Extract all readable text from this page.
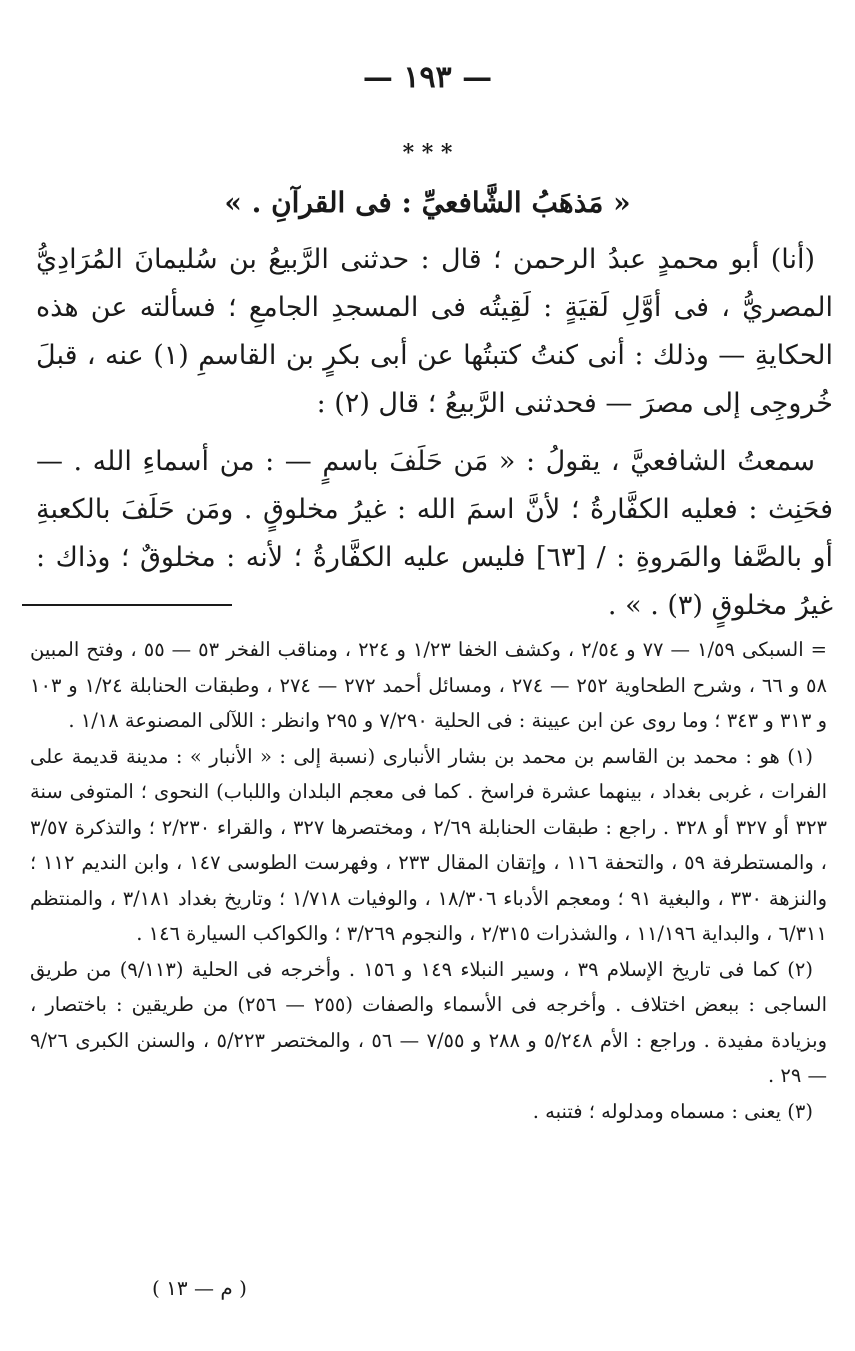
— ١٩٣ —
* * *
« مَذهَبُ الشَّافعيِّ : فى القرآنِ . »

(أنا) أبو محمدٍ عبدُ الرحمن ؛ قال : حدثنى الرَّبيعُ بن سُليمانَ المُرَادِيُّ المصريُّ ، فى أوَّلِ لَقيَةٍ : لَقِيتُه فى المسجدِ الجامعِ ؛ فسألته عن هذه الحكايةِ — وذلك : أنى كنتُ كتبتُها عن أبى بكرٍ بن القاسمِ (١) عنه ، قبلَ خُروجِى إلى مصرَ — فحدثنى الرَّبيعُ ؛ قال (٢) :

سمعتُ الشافعيَّ ، يقولُ : « مَن حَلَفَ باسمٍ — : من أسماءِ الله . — فحَنِث : فعليه الكفَّارةُ ؛ لأنَّ اسمَ الله : غيرُ مخلوقٍ . ومَن حَلَفَ بالكعبةِ أو بالصَّفا والمَروةِ : / [٦٣] فليس عليه الكفَّارةُ ؛ لأنه : مخلوقٌ ؛ وذاك : غيرُ مخلوقٍ (٣) . » .

= السبكى ١/٥٩ — ٧٧ و ٢/٥٤ ، وكشف الخفا ١/٢٣ و ٢٢٤ ، ومناقب الفخر ٥٣ — ٥٥ ، وفتح المبين ٥٨ و ٦٦ ، وشرح الطحاوية ٢٥٢ — ٢٧٤ ، ومسائل أحمد ٢٧٢ — ٢٧٤ ، وطبقات الحنابلة ١/٢٤ و ١٠٣ و ٣١٣ و ٣٤٣ ؛ وما روى عن ابن عيينة : فى الحلية ٧/٢٩٠ و ٢٩٥ وانظر : اللآلى المصنوعة ١/١٨ .

(١) هو : محمد بن القاسم بن محمد بن بشار الأنبارى (نسبة إلى : « الأنبار » : مدينة قديمة على الفرات ، غربى بغداد ، بينهما عشرة فراسخ . كما فى معجم البلدان واللباب) النحوى ؛ المتوفى سنة ٣٢٣ أو ٣٢٧ أو ٣٢٨ . راجع : طبقات الحنابلة ٢/٦٩ ، ومختصرها ٣٢٧ ، والقراء ٢/٢٣٠ ؛ والتذكرة ٣/٥٧ ، والمستطرفة ٥٩ ، والتحفة ١١٦ ، وإتقان المقال ٢٣٣ ، وفهرست الطوسى ١٤٧ ، وابن النديم ١١٢ ؛ والنزهة ٣٣٠ ، والبغية ٩١ ؛ ومعجم الأدباء ١٨/٣٠٦ ، والوفيات ١/٧١٨ ؛ وتاريخ بغداد ٣/١٨١ ، والمنتظم ٦/٣١١ ، والبداية ١١/١٩٦ ، والشذرات ٢/٣١٥ ، والنجوم ٣/٢٦٩ ؛ والكواكب السيارة ١٤٦ .

(٢) كما فى تاريخ الإسلام ٣٩ ، وسير النبلاء ١٤٩ و ١٥٦ . وأخرجه فى الحلية (٩/١١٣) من طريق الساجى : ببعض اختلاف . وأخرجه فى الأسماء والصفات (٢٥٥ — ٢٥٦) من طريقين : باختصار ، وبزيادة مفيدة . وراجع : الأم ٥/٢٤٨ و ٢٨٨ و ٧/٥٥ — ٥٦ ، والمختصر ٥/٢٢٣ ، والسنن الكبرى ٩/٢٦ — ٢٩ .

(٣) يعنى : مسماه ومدلوله ؛ فتنبه .

( م — ١٣ )
